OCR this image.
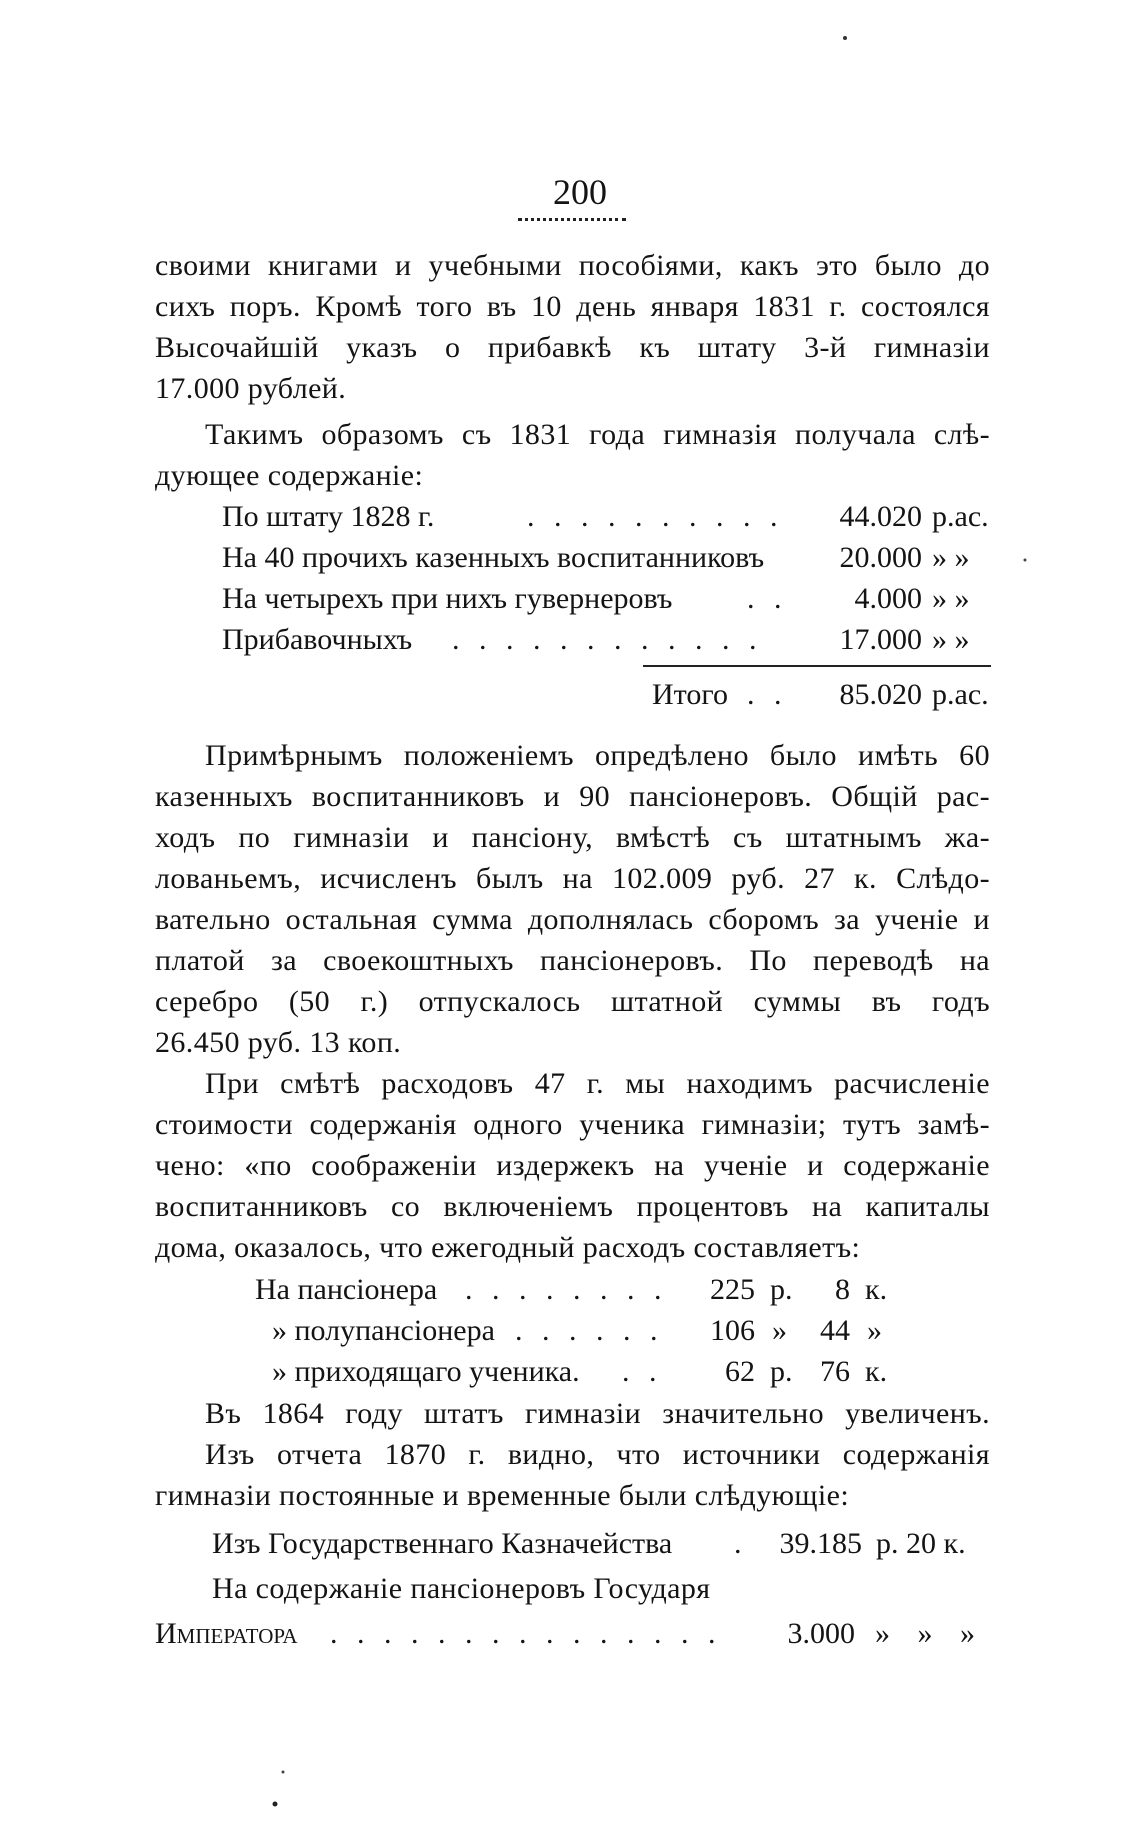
200
своими книгами и учебными пособіями, какъ это было до
сихъ поръ. Кромѣ того въ 10 день января 1831 г. состоялся
Высочайшій указъ о прибавкѣ къ штату 3-й гимназіи
17.000 рублей.
Такимъ образомъ съ 1831 года гимназія получала слѣ-
дующее содержаніе:
По штату 1828 г.	. . . . . . . . . .	44.020 р.ас.
На 40 прочихъ казенныхъ воспитанниковъ	20.000 » »
На четырехъ при нихъ гувернеровъ . .	4.000 » »
Прибавочныхъ . . . . . . . . . . . .	17.000 » »
Итого . .	85.020 р.ас.
Примѣрнымъ положеніемъ опредѣлено было имѣть 60
казенныхъ воспитанниковъ и 90 пансіонеровъ. Общій рас-
ходъ по гимназіи и пансіону, вмѣстѣ съ штатнымъ жа-
лованьемъ, исчисленъ былъ на 102.009 руб. 27 к. Слѣдо-
вательно остальная сумма дополнялась сборомъ за ученіе и
платой за своекоштныхъ пансіонеровъ. По переводѣ на
серебро (50 г.) отпускалось штатной суммы въ годъ
26.450 руб. 13 коп.
При смѣтѣ расходовъ 47 г. мы находимъ расчисленіе
стоимости содержанія одного ученика гимназіи; тутъ замѣ-
чено: «по соображеніи издержекъ на ученіе и содержаніе
воспитанниковъ со включеніемъ процентовъ на капиталы
дома, оказалось, что ежегодный расходъ составляетъ:
На пансіонера . . . . . . . .	225 р.	8 к.
» полупансіонера . . . . . .	106 »	44 »
» приходящаго ученика. . .	62 р. 76 к.
Въ 1864 году штатъ гимназіи значительно увеличенъ.
Изъ отчета 1870 г. видно, что источники содержанія
гимназіи постоянные и временные были слѣдующіе:
Изъ Государственнаго Казначейства .	39.185 р. 20 к.
На содержаніе пансіонеровъ Государя
Императора . . . . . . . . . . . . . . .	3.000 » » »
